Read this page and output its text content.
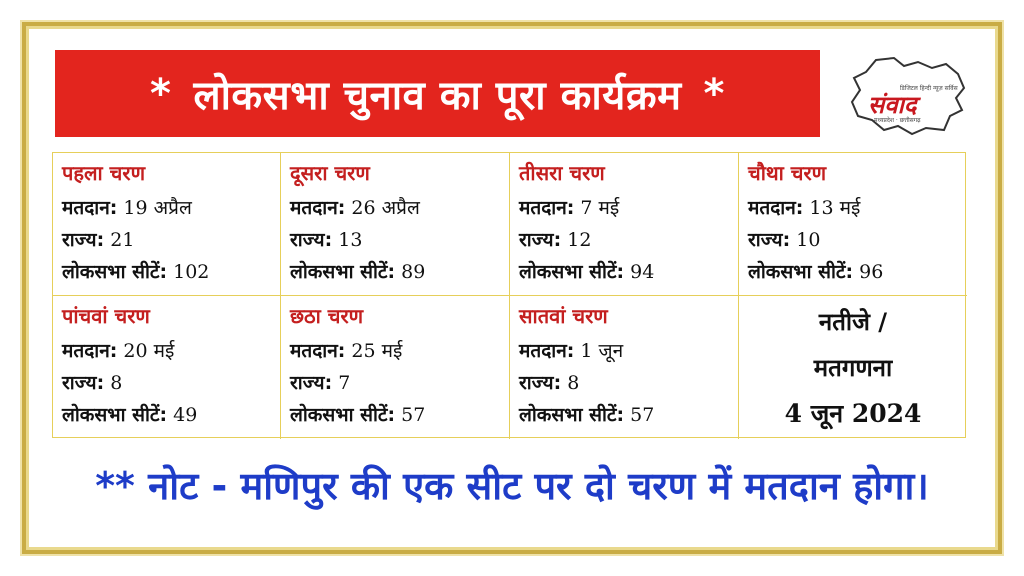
* लोकसभा चुनाव का पूरा कार्यक्रम *	डिजिटल हिन्दी न्यूज़ सर्विस
संवाद
मध्यप्रदेश · छत्तीसगढ़
पहला चरण
मतदान: 19 अप्रैल
राज्य: 21
लोकसभा सीटें: 102
दूसरा चरण
मतदान: 26 अप्रैल
राज्य: 13
लोकसभा सीटें: 89
तीसरा चरण
मतदान: 7 मई
राज्य: 12
लोकसभा सीटें: 94
चौथा चरण
मतदान: 13 मई
राज्य: 10
लोकसभा सीटें: 96
पांचवां चरण
मतदान: 20 मई
राज्य: 8
लोकसभा सीटें: 49
छठा चरण
मतदान: 25 मई
राज्य: 7
लोकसभा सीटें: 57
सातवां चरण
मतदान: 1 जून
राज्य: 8
लोकसभा सीटें: 57
नतीजे /
मतगणना
4 जून 2024
** नोट - मणिपुर की एक सीट पर दो चरण में मतदान होगा।
